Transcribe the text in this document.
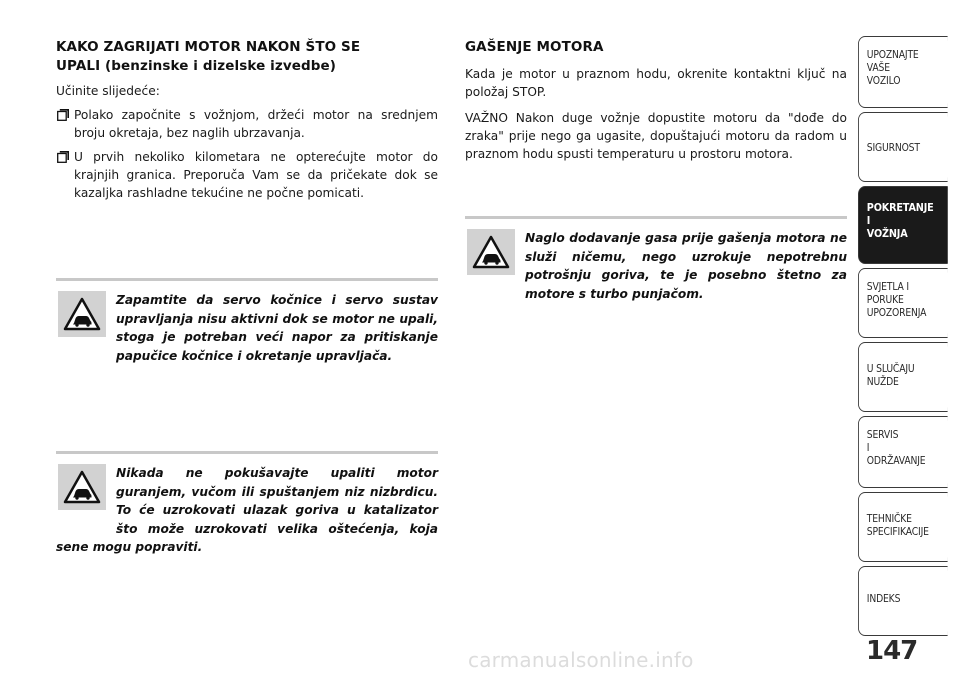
KAKO ZAGRIJATI MOTOR NAKON ŠTO SE
UPALI (benzinske i dizelske izvedbe)

Učinite slijedeće:

Polako započnite s vožnjom, držeći motor na srednjem broju okretaja, bez naglih ubrzavanja.
U prvih nekoliko kilometara ne opterećujte motor do krajnjih granica. Preporuča Vam se da pričekate dok se kazaljka rashladne tekućine ne počne pomicati.
Zapamtite da servo kočnice i servo sustav upravljanja nisu aktivni dok se motor ne upali, stoga je potreban veći napor za pritiskanje papučice kočnice i okretanje upravljača.
Nikada ne pokušavajte upaliti motor guranjem, vučom ili spuštanjem niz nizbrdicu. To će uzrokovati ulazak goriva u katalizator što može uzrokovati velika oštećenja, koja sene mogu popraviti.
GAŠENJE MOTORA

Kada je motor u praznom hodu, okrenite kontaktni ključ na položaj STOP.

VAŽNO Nakon duge vožnje dopustite motoru da "dođe do zraka" prije nego ga ugasite, dopuštajući motoru da radom u praznom hodu spusti temperaturu u prostoru motora.

Naglo dodavanje gasa prije gašenja motora ne služi ničemu, nego uzrokuje nepotrebnu potrošnju goriva, te je posebno štetno za motore s turbo punjačom.
UPOZNAJTE
VAŠE
VOZILO
SIGURNOST
POKRETANJE
I
VOŽNJA
SVJETLA I
PORUKE
UPOZORENJA
U SLUČAJU
NUŽDE
SERVIS
I
ODRŽAVANJE
TEHNIČKE
SPECIFIKACIJE
INDEKS
147
carmanualsonline.info
